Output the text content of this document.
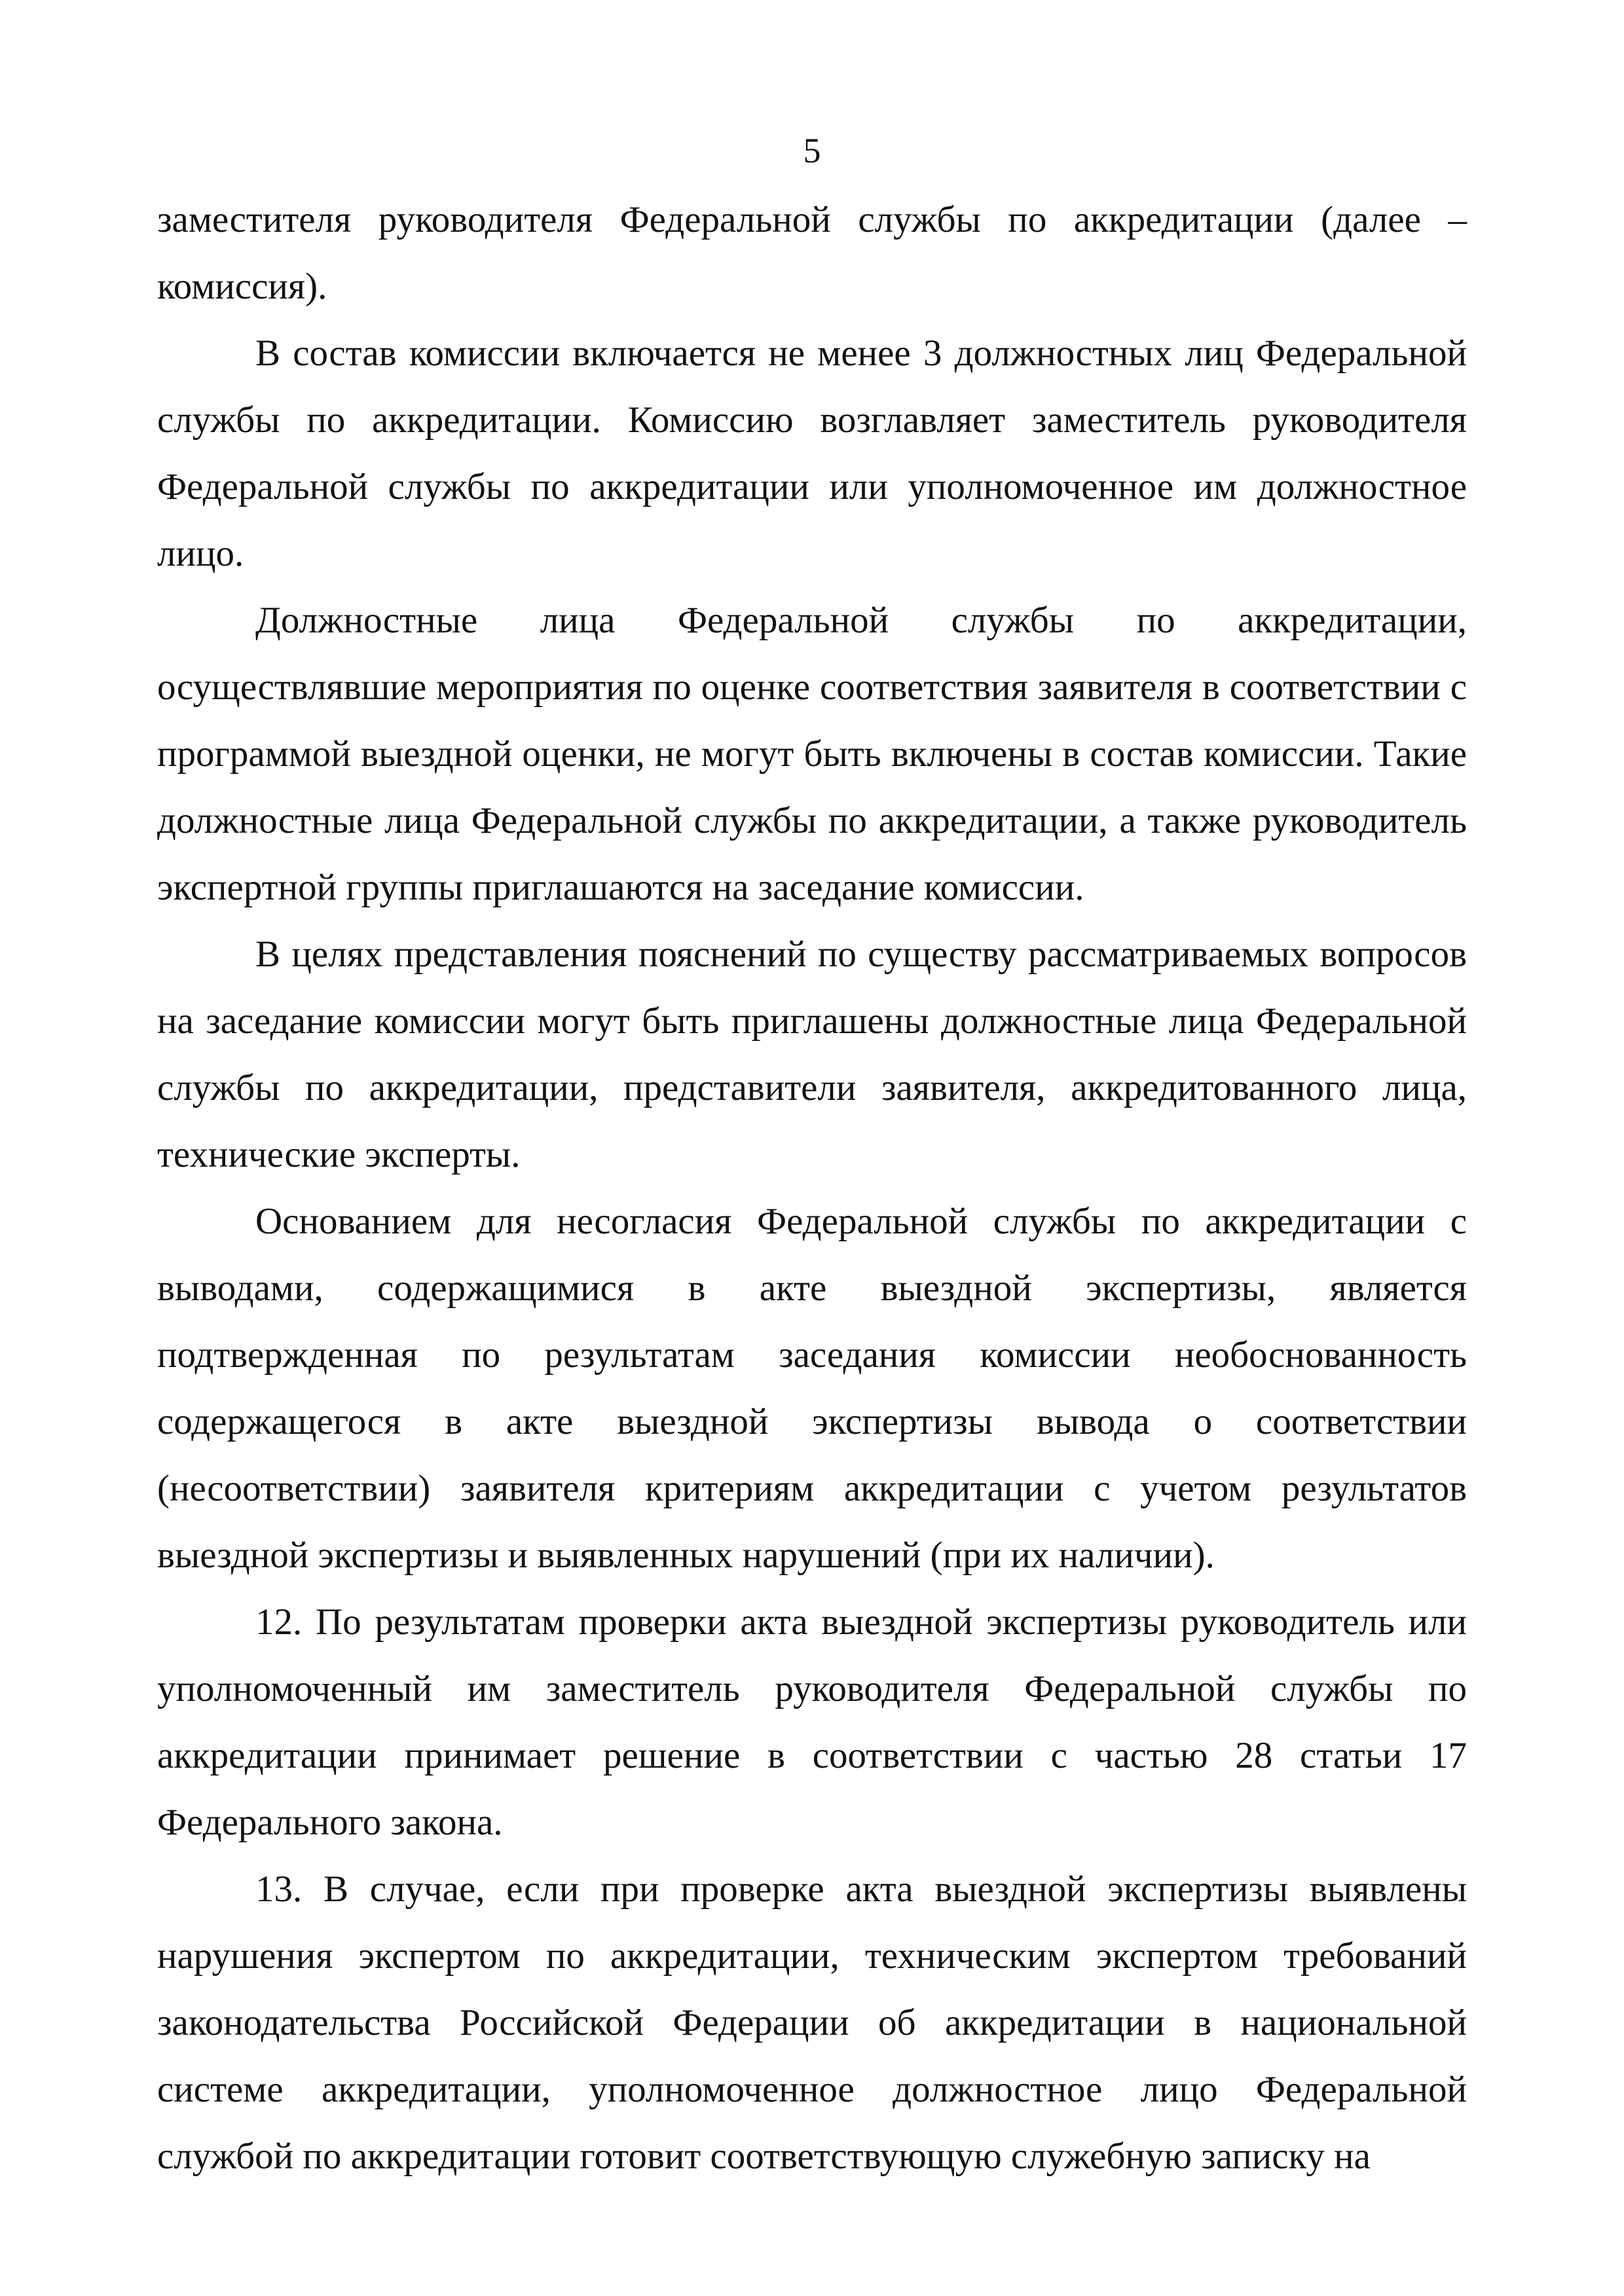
5

заместителя руководителя Федеральной службы по аккредитации (далее – комиссия).

В состав комиссии включается не менее 3 должностных лиц Федеральной службы по аккредитации. Комиссию возглавляет заместитель руководителя Федеральной службы по аккредитации или уполномоченное им должностное лицо.

Должностные лица Федеральной службы по аккредитации, осуществлявшие мероприятия по оценке соответствия заявителя в соответствии с программой выездной оценки, не могут быть включены в состав комиссии. Такие должностные лица Федеральной службы по аккредитации, а также руководитель экспертной группы приглашаются на заседание комиссии.

В целях представления пояснений по существу рассматриваемых вопросов на заседание комиссии могут быть приглашены должностные лица Федеральной службы по аккредитации, представители заявителя, аккредитованного лица, технические эксперты.

Основанием для несогласия Федеральной службы по аккредитации с выводами, содержащимися в акте выездной экспертизы, является подтвержденная по результатам заседания комиссии необоснованность содержащегося в акте выездной экспертизы вывода о соответствии (несоответствии) заявителя критериям аккредитации с учетом результатов выездной экспертизы и выявленных нарушений (при их наличии).

12. По результатам проверки акта выездной экспертизы руководитель или уполномоченный им заместитель руководителя Федеральной службы по аккредитации принимает решение в соответствии с частью 28 статьи 17 Федерального закона.

13. В случае, если при проверке акта выездной экспертизы выявлены нарушения экспертом по аккредитации, техническим экспертом требований законодательства Российской Федерации об аккредитации в национальной системе аккредитации, уполномоченное должностное лицо Федеральной службой по аккредитации готовит соответствующую служебную записку на
